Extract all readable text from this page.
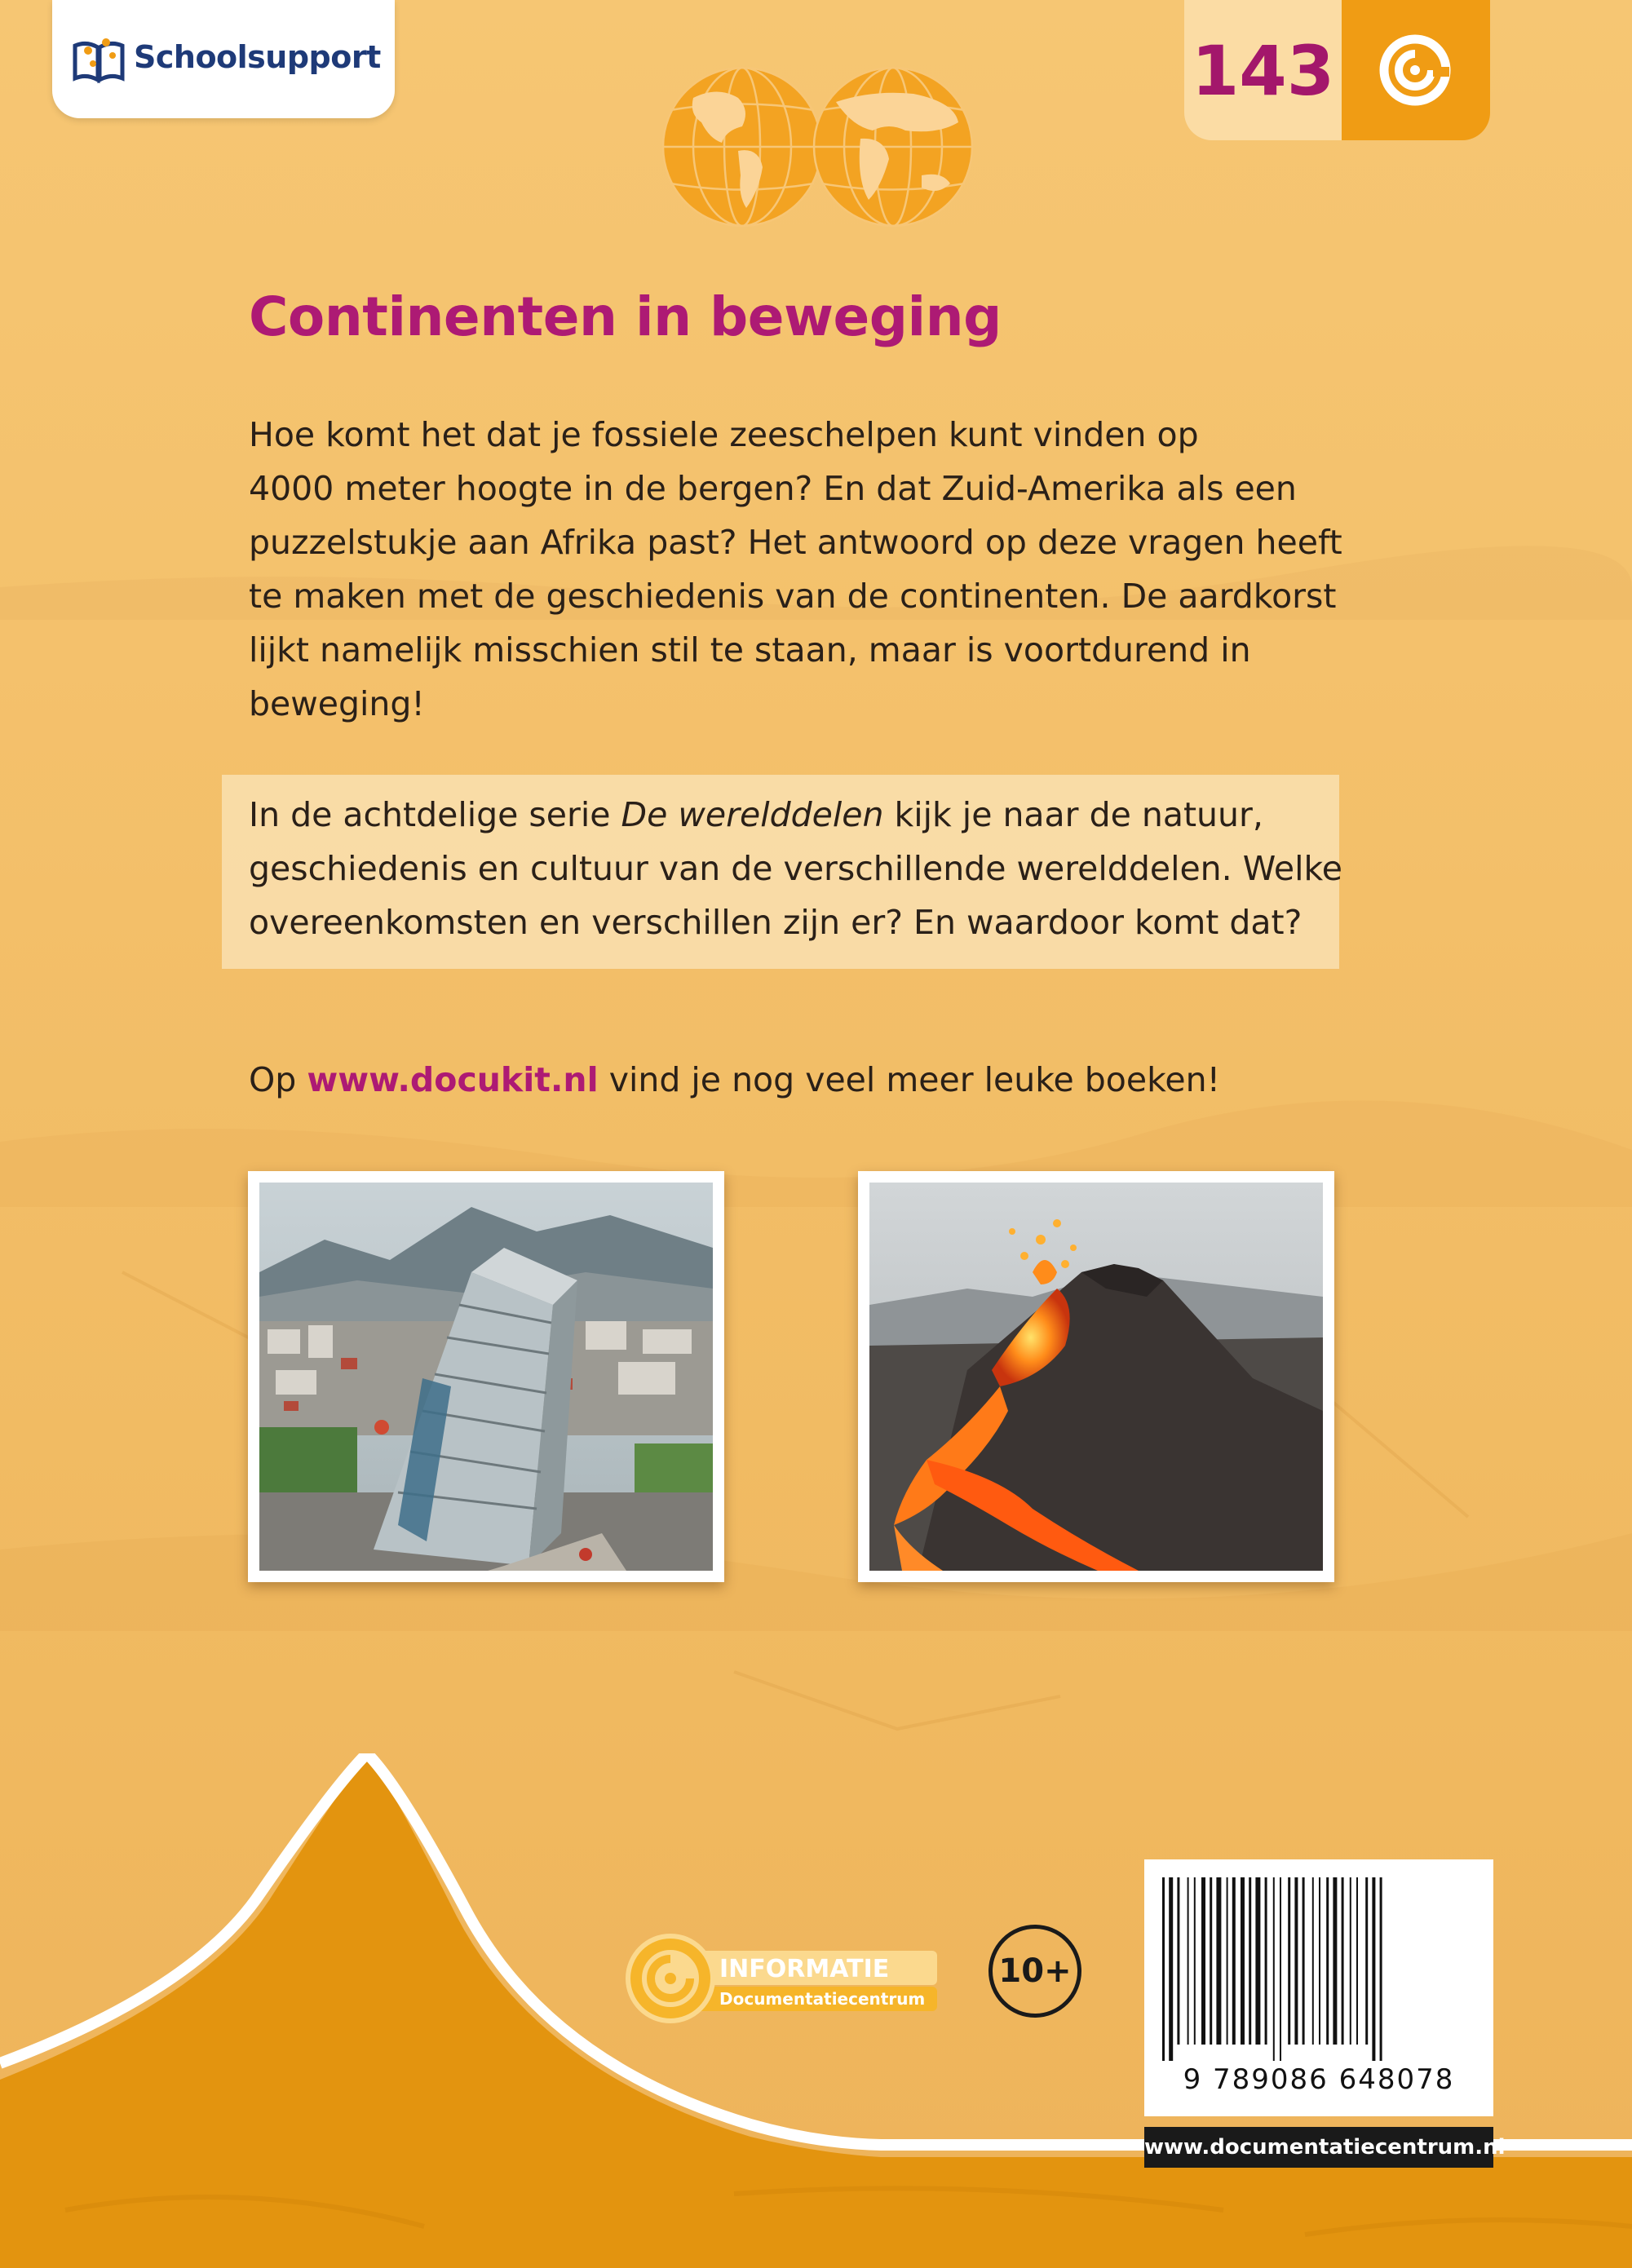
Schoolsupport	143
Continenten in beweging

Hoe komt het dat je fossiele zeeschelpen kunt vinden op
4000 meter hoogte in de bergen? En dat Zuid-Amerika als een
puzzelstukje aan Afrika past? Het antwoord op deze vragen heeft
te maken met de geschiedenis van de continenten. De aardkorst
lijkt namelijk misschien stil te staan, maar is voortdurend in
beweging!

In de achtdelige serie De werelddelen kijk je naar de natuur,
geschiedenis en cultuur van de verschillende werelddelen. Welke
overeenkomsten en verschillen zijn er? En waardoor komt dat?

Op www.docukit.nl vind je nog veel meer leuke boeken!

INFORMATIE
Documentatiecentrum
10+
9 789086 648078
www.documentatiecentrum.nl
